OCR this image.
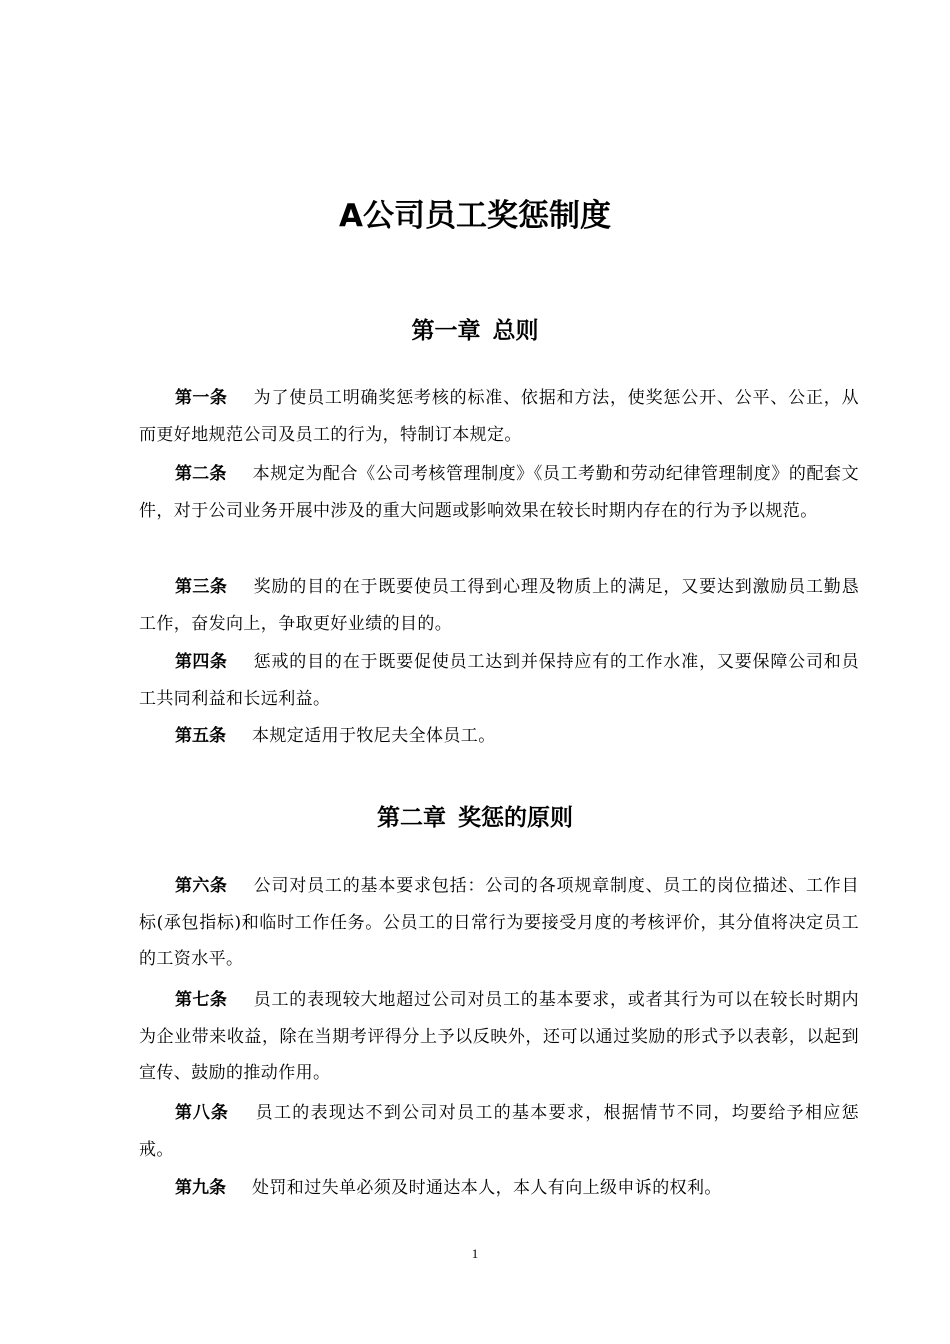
A公司员工奖惩制度
第一章 总则

第一条 为了使员工明确奖惩考核的标准、依据和方法，使奖惩公开、公平、公正，从而更好地规范公司及员工的行为，特制订本规定。

第二条 本规定为配合《公司考核管理制度》《员工考勤和劳动纪律管理制度》的配套文件，对于公司业务开展中涉及的重大问题或影响效果在较长时期内存在的行为予以规范。

第三条 奖励的目的在于既要使员工得到心理及物质上的满足，又要达到激励员工勤恳工作，奋发向上，争取更好业绩的目的。

第四条 惩戒的目的在于既要促使员工达到并保持应有的工作水准，又要保障公司和员工共同利益和长远利益。

第五条 本规定适用于牧尼夫全体员工。

第二章 奖惩的原则

第六条 公司对员工的基本要求包括：公司的各项规章制度、员工的岗位描述、工作目标(承包指标)和临时工作任务。公员工的日常行为要接受月度的考核评价，其分值将决定员工的工资水平。

第七条 员工的表现较大地超过公司对员工的基本要求，或者其行为可以在较长时期内为企业带来收益，除在当期考评得分上予以反映外，还可以通过奖励的形式予以表彰，以起到宣传、鼓励的推动作用。

第八条 员工的表现达不到公司对员工的基本要求，根据情节不同，均要给予相应惩戒。

第九条 处罚和过失单必须及时通达本人，本人有向上级申诉的权利。

1
